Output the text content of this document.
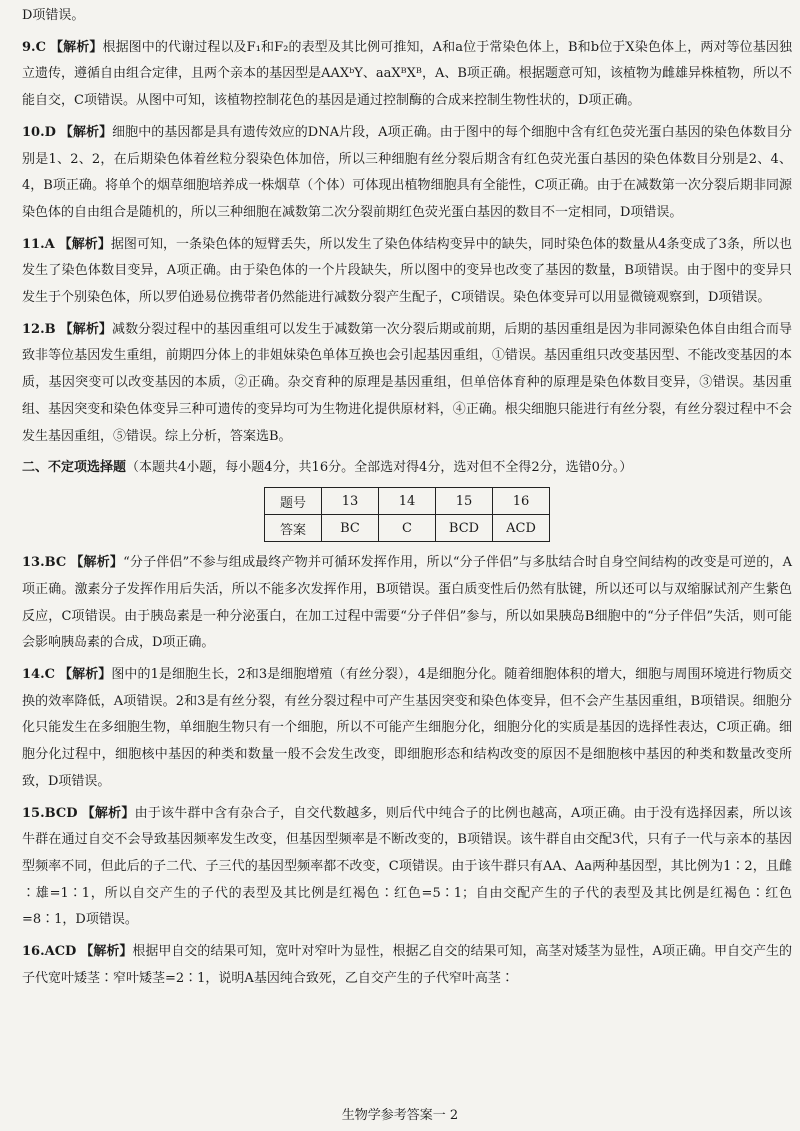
D项错误。

9.C 【解析】根据图中的代谢过程以及F₁和F₂的表型及其比例可推知，A和a位于常染色体上，B和b位于X染色体上，两对等位基因独立遗传，遵循自由组合定律，且两个亲本的基因型是AAXᵇY、aaXᴮXᴮ，A、B项正确。根据题意可知，该植物为雌雄异株植物，所以不能自交，C项错误。从图中可知，该植物控制花色的基因是通过控制酶的合成来控制生物性状的，D项正确。

10.D 【解析】细胞中的基因都是具有遗传效应的DNA片段，A项正确。由于图中的每个细胞中含有红色荧光蛋白基因的染色体数目分别是1、2、2，在后期染色体着丝粒分裂染色体加倍，所以三种细胞有丝分裂后期含有红色荧光蛋白基因的染色体数目分别是2、4、4，B项正确。将单个的烟草细胞培养成一株烟草（个体）可体现出植物细胞具有全能性，C项正确。由于在减数第一次分裂后期非同源染色体的自由组合是随机的，所以三种细胞在减数第二次分裂前期红色荧光蛋白基因的数目不一定相同，D项错误。

11.A 【解析】据图可知，一条染色体的短臂丢失，所以发生了染色体结构变异中的缺失，同时染色体的数量从4条变成了3条，所以也发生了染色体数目变异，A项正确。由于染色体的一个片段缺失，所以图中的变异也改变了基因的数量，B项错误。由于图中的变异只发生于个别染色体，所以罗伯逊易位携带者仍然能进行减数分裂产生配子，C项错误。染色体变异可以用显微镜观察到，D项错误。

12.B 【解析】减数分裂过程中的基因重组可以发生于减数第一次分裂后期或前期，后期的基因重组是因为非同源染色体自由组合而导致非等位基因发生重组，前期四分体上的非姐妹染色单体互换也会引起基因重组，①错误。基因重组只改变基因型、不能改变基因的本质，基因突变可以改变基因的本质，②正确。杂交育种的原理是基因重组，但单倍体育种的原理是染色体数目变异，③错误。基因重组、基因突变和染色体变异三种可遗传的变异均可为生物进化提供原材料，④正确。根尖细胞只能进行有丝分裂，有丝分裂过程中不会发生基因重组，⑤错误。综上分析，答案选B。

二、不定项选择题（本题共4小题，每小题4分，共16分。全部选对得4分，选对但不全得2分，选错0分。）

题号	13	14	15	16
答案	BC	C	BCD	ACD

13.BC 【解析】“分子伴侣”不参与组成最终产物并可循环发挥作用，所以“分子伴侣”与多肽结合时自身空间结构的改变是可逆的，A项正确。激素分子发挥作用后失活，所以不能多次发挥作用，B项错误。蛋白质变性后仍然有肽键，所以还可以与双缩脲试剂产生紫色反应，C项错误。由于胰岛素是一种分泌蛋白，在加工过程中需要“分子伴侣”参与，所以如果胰岛B细胞中的“分子伴侣”失活，则可能会影响胰岛素的合成，D项正确。

14.C 【解析】图中的1是细胞生长，2和3是细胞增殖（有丝分裂），4是细胞分化。随着细胞体积的增大，细胞与周围环境进行物质交换的效率降低，A项错误。2和3是有丝分裂，有丝分裂过程中可产生基因突变和染色体变异，但不会产生基因重组，B项错误。细胞分化只能发生在多细胞生物，单细胞生物只有一个细胞，所以不可能产生细胞分化，细胞分化的实质是基因的选择性表达，C项正确。细胞分化过程中，细胞核中基因的种类和数量一般不会发生改变，即细胞形态和结构改变的原因不是细胞核中基因的种类和数量改变所致，D项错误。

15.BCD 【解析】由于该牛群中含有杂合子，自交代数越多，则后代中纯合子的比例也越高，A项正确。由于没有选择因素，所以该牛群在通过自交不会导致基因频率发生改变，但基因型频率是不断改变的，B项错误。该牛群自由交配3代，只有子一代与亲本的基因型频率不同，但此后的子二代、子三代的基因型频率都不改变，C项错误。由于该牛群只有AA、Aa两种基因型，其比例为1∶2，且雌∶雄=1∶1，所以自交产生的子代的表型及其比例是红褐色∶红色=5∶1；自由交配产生的子代的表型及其比例是红褐色∶红色=8∶1，D项错误。

16.ACD 【解析】根据甲自交的结果可知，宽叶对窄叶为显性，根据乙自交的结果可知，高茎对矮茎为显性，A项正确。甲自交产生的子代宽叶矮茎∶窄叶矮茎=2∶1，说明A基因纯合致死，乙自交产生的子代窄叶高茎∶

生物学参考答案一 2
